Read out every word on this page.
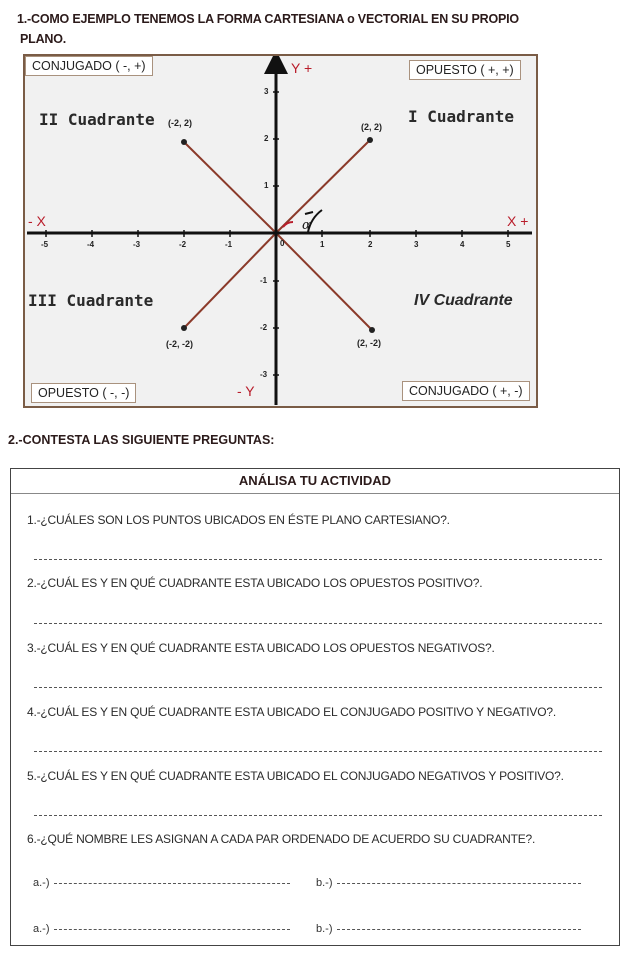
1.-COMO EJEMPLO TENEMOS LA FORMA CARTESIANA o VECTORIAL EN SU PROPIO
PLANO.
CONJUGADO ( -, +)	OPUESTO ( +, +)
OPUESTO ( -, -)	CONJUGADO ( +, -)
II Cuadrante	I Cuadrante
III Cuadrante	IV Cuadrante
Y +
- Y
- X	X +
α
-5	-4	-3	-2	-1	0	1	2	3	4	5
3
2
1
-1
-2
-3
(-2, 2)	(2, 2)
(-2, -2)	(2, -2)
2.-CONTESTA LAS SIGUIENTE PREGUNTAS:
ANÁLISA TU ACTIVIDAD
1.-¿CUÁLES SON LOS PUNTOS UBICADOS EN ÉSTE PLANO CARTESIANO?.
2.-¿CUÁL ES Y EN QUÉ CUADRANTE ESTA UBICADO LOS OPUESTOS POSITIVO?.
3.-¿CUÁL ES Y EN QUÉ CUADRANTE ESTA UBICADO LOS OPUESTOS NEGATIVOS?.
4.-¿CUÁL ES Y EN QUÉ CUADRANTE ESTA UBICADO EL CONJUGADO POSITIVO Y NEGATIVO?.
5.-¿CUÁL ES Y EN QUÉ CUADRANTE ESTA UBICADO EL CONJUGADO NEGATIVOS Y POSITIVO?.
6.-¿QUÉ NOMBRE LES ASIGNAN A CADA PAR ORDENADO DE ACUERDO SU CUADRANTE?.
a.-)	b.-)
a.-)	b.-)
